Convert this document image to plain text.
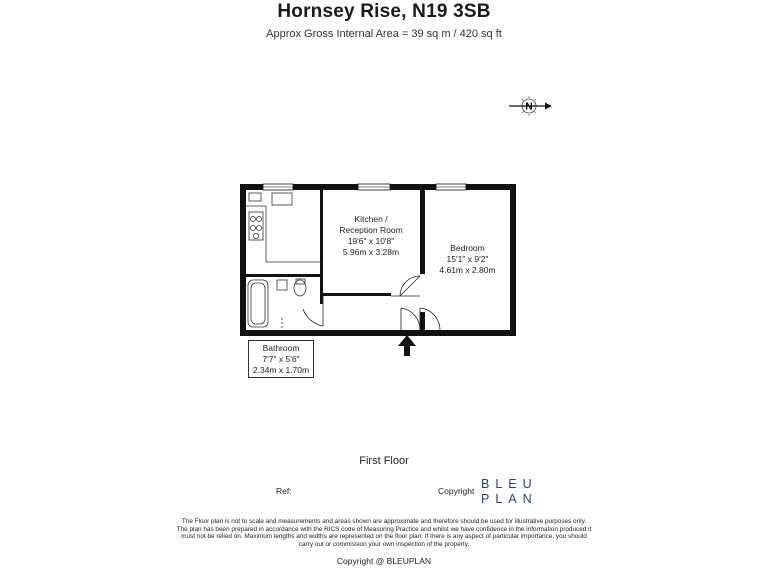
Hornsey Rise, N19 3SB
Approx Gross Internal Area = 39 sq m / 420 sq ft
N
Kitchen /
Reception Room
19'6" x 10'8"
5.96m x 3.28m	Bedroom
15'1" x 9'2"
4.61m x 2.80m
Bathroom
7'7" x 5'6"
2.34m x 1.70m
First Floor
Ref:	Copyright BLEU
PLAN
The Floor plan is not to scale and measurements and areas shown are approximate and therefore should be used for illustrative purposes only. The plan has been prepared in accordance with the RICS code of Measuring Practice and whilst we have confidence in the information produced it must not be relied on. Maximum lengths and widths are represented on the floor plan. If there is any aspect of particular importance, you should carry out or commission your own inspection of the property.
Copyright @ BLEUPLAN
